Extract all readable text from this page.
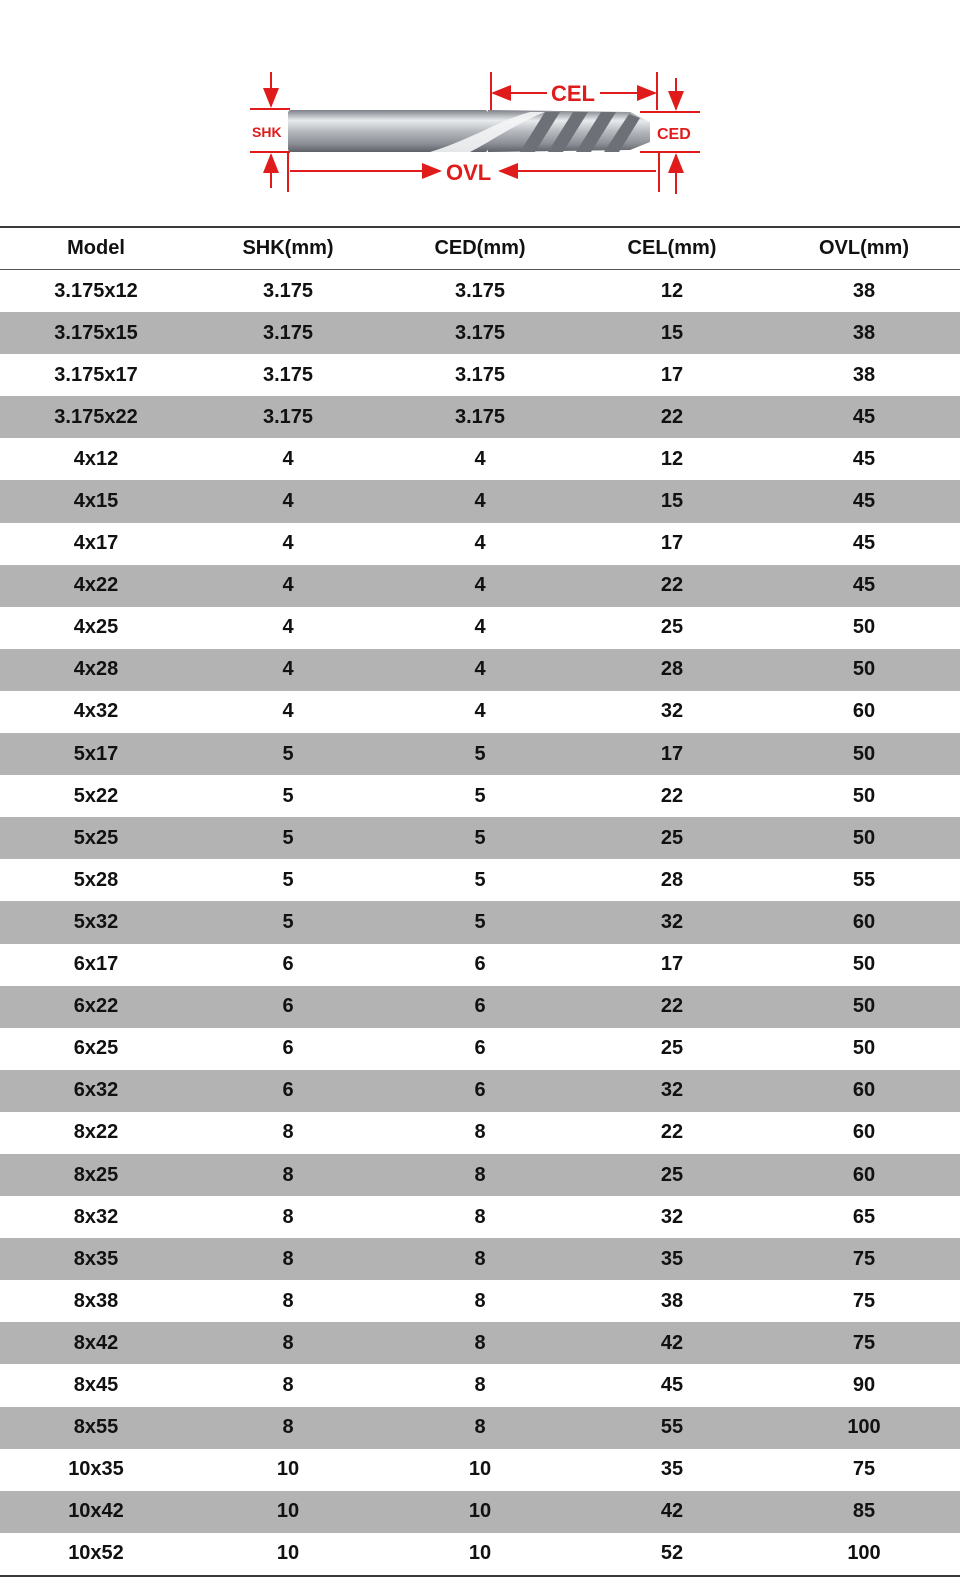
SHK
CEL
CED
OVL
Model	SHK(mm)	CED(mm)	CEL(mm)	OVL(mm)
3.175x12	3.175	3.175	12	38
3.175x15	3.175	3.175	15	38
3.175x17	3.175	3.175	17	38
3.175x22	3.175	3.175	22	45
4x12	4	4	12	45
4x15	4	4	15	45
4x17	4	4	17	45
4x22	4	4	22	45
4x25	4	4	25	50
4x28	4	4	28	50
4x32	4	4	32	60
5x17	5	5	17	50
5x22	5	5	22	50
5x25	5	5	25	50
5x28	5	5	28	55
5x32	5	5	32	60
6x17	6	6	17	50
6x22	6	6	22	50
6x25	6	6	25	50
6x32	6	6	32	60
8x22	8	8	22	60
8x25	8	8	25	60
8x32	8	8	32	65
8x35	8	8	35	75
8x38	8	8	38	75
8x42	8	8	42	75
8x45	8	8	45	90
8x55	8	8	55	100
10x35	10	10	35	75
10x42	10	10	42	85
10x52	10	10	52	100
